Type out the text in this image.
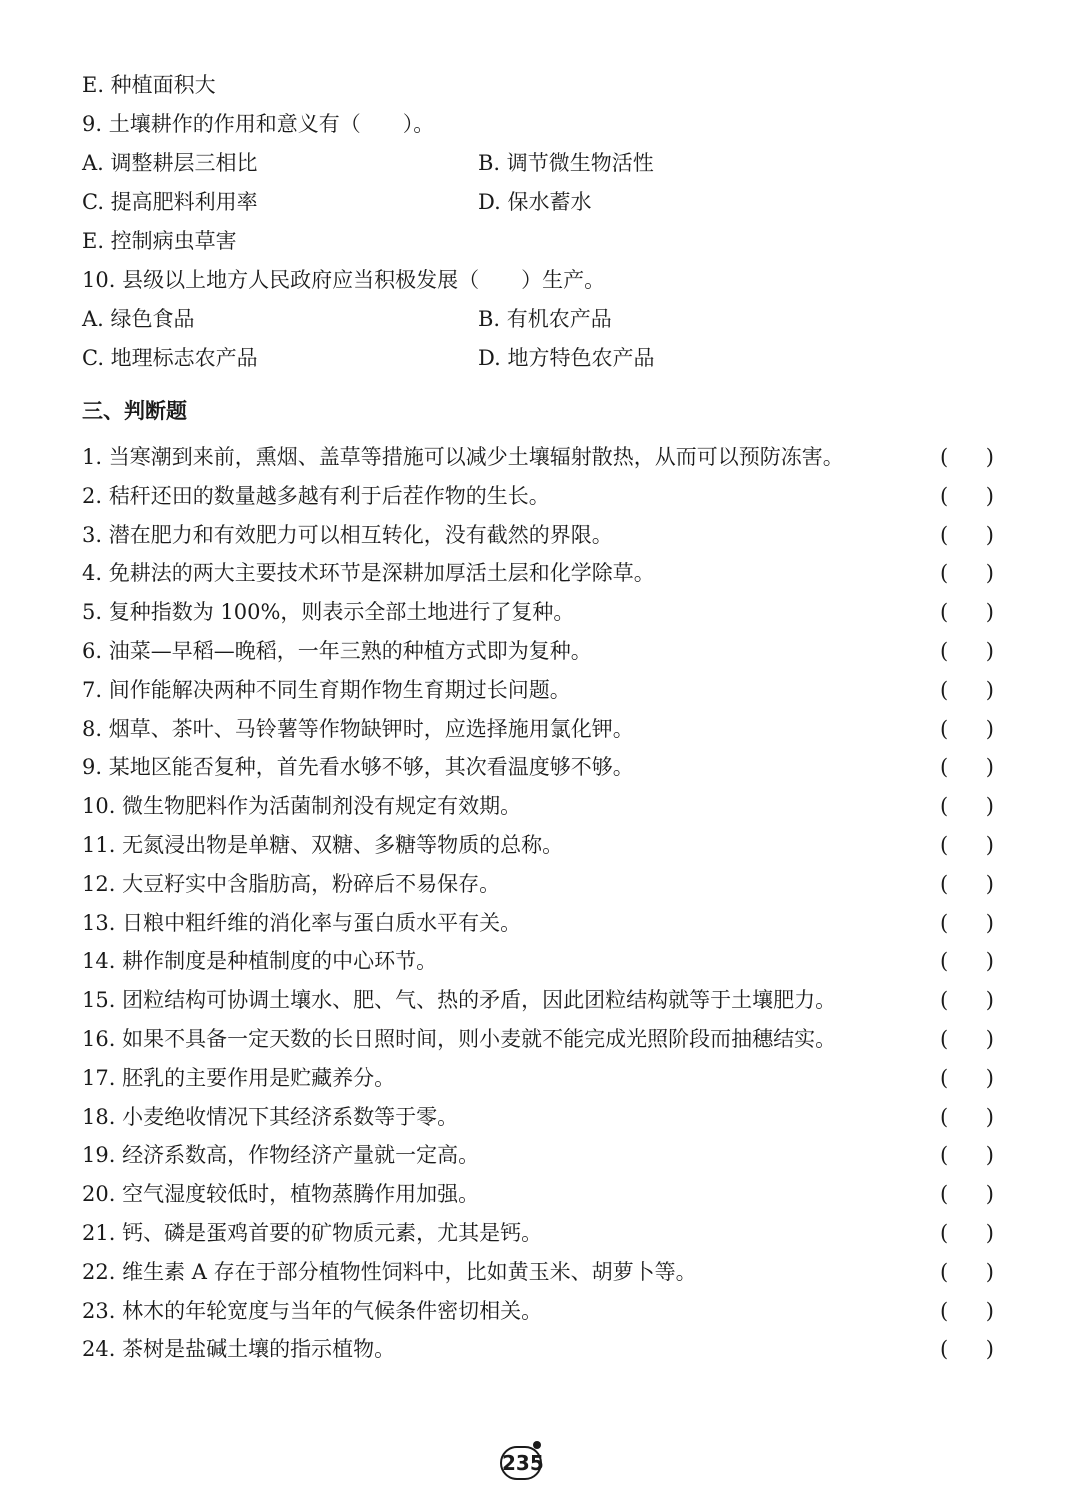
E. 种植面积大
9. 土壤耕作的作用和意义有（　　）。
A. 调整耕层三相比	B. 调节微生物活性
C. 提高肥料利用率	D. 保水蓄水
E. 控制病虫草害
10. 县级以上地方人民政府应当积极发展（　　）生产。
A. 绿色食品	B. 有机农产品
C. 地理标志农产品	D. 地方特色农产品
三、判断题
1. 当寒潮到来前，熏烟、盖草等措施可以减少土壤辐射散热，从而可以预防冻害。	( )
2. 秸秆还田的数量越多越有利于后茬作物的生长。	( )
3. 潜在肥力和有效肥力可以相互转化，没有截然的界限。	( )
4. 免耕法的两大主要技术环节是深耕加厚活土层和化学除草。	( )
5. 复种指数为 100%，则表示全部土地进行了复种。	( )
6. 油菜—早稻—晚稻，一年三熟的种植方式即为复种。	( )
7. 间作能解决两种不同生育期作物生育期过长问题。	( )
8. 烟草、茶叶、马铃薯等作物缺钾时，应选择施用氯化钾。	( )
9. 某地区能否复种，首先看水够不够，其次看温度够不够。	( )
10. 微生物肥料作为活菌制剂没有规定有效期。	( )
11. 无氮浸出物是单糖、双糖、多糖等物质的总称。	( )
12. 大豆籽实中含脂肪高，粉碎后不易保存。	( )
13. 日粮中粗纤维的消化率与蛋白质水平有关。	( )
14. 耕作制度是种植制度的中心环节。	( )
15. 团粒结构可协调土壤水、肥、气、热的矛盾，因此团粒结构就等于土壤肥力。	( )
16. 如果不具备一定天数的长日照时间，则小麦就不能完成光照阶段而抽穗结实。	( )
17. 胚乳的主要作用是贮藏养分。	( )
18. 小麦绝收情况下其经济系数等于零。	( )
19. 经济系数高，作物经济产量就一定高。	( )
20. 空气湿度较低时，植物蒸腾作用加强。	( )
21. 钙、磷是蛋鸡首要的矿物质元素，尤其是钙。	( )
22. 维生素 A 存在于部分植物性饲料中，比如黄玉米、胡萝卜等。	( )
23. 林木的年轮宽度与当年的气候条件密切相关。	( )
24. 茶树是盐碱土壤的指示植物。	( )
235
